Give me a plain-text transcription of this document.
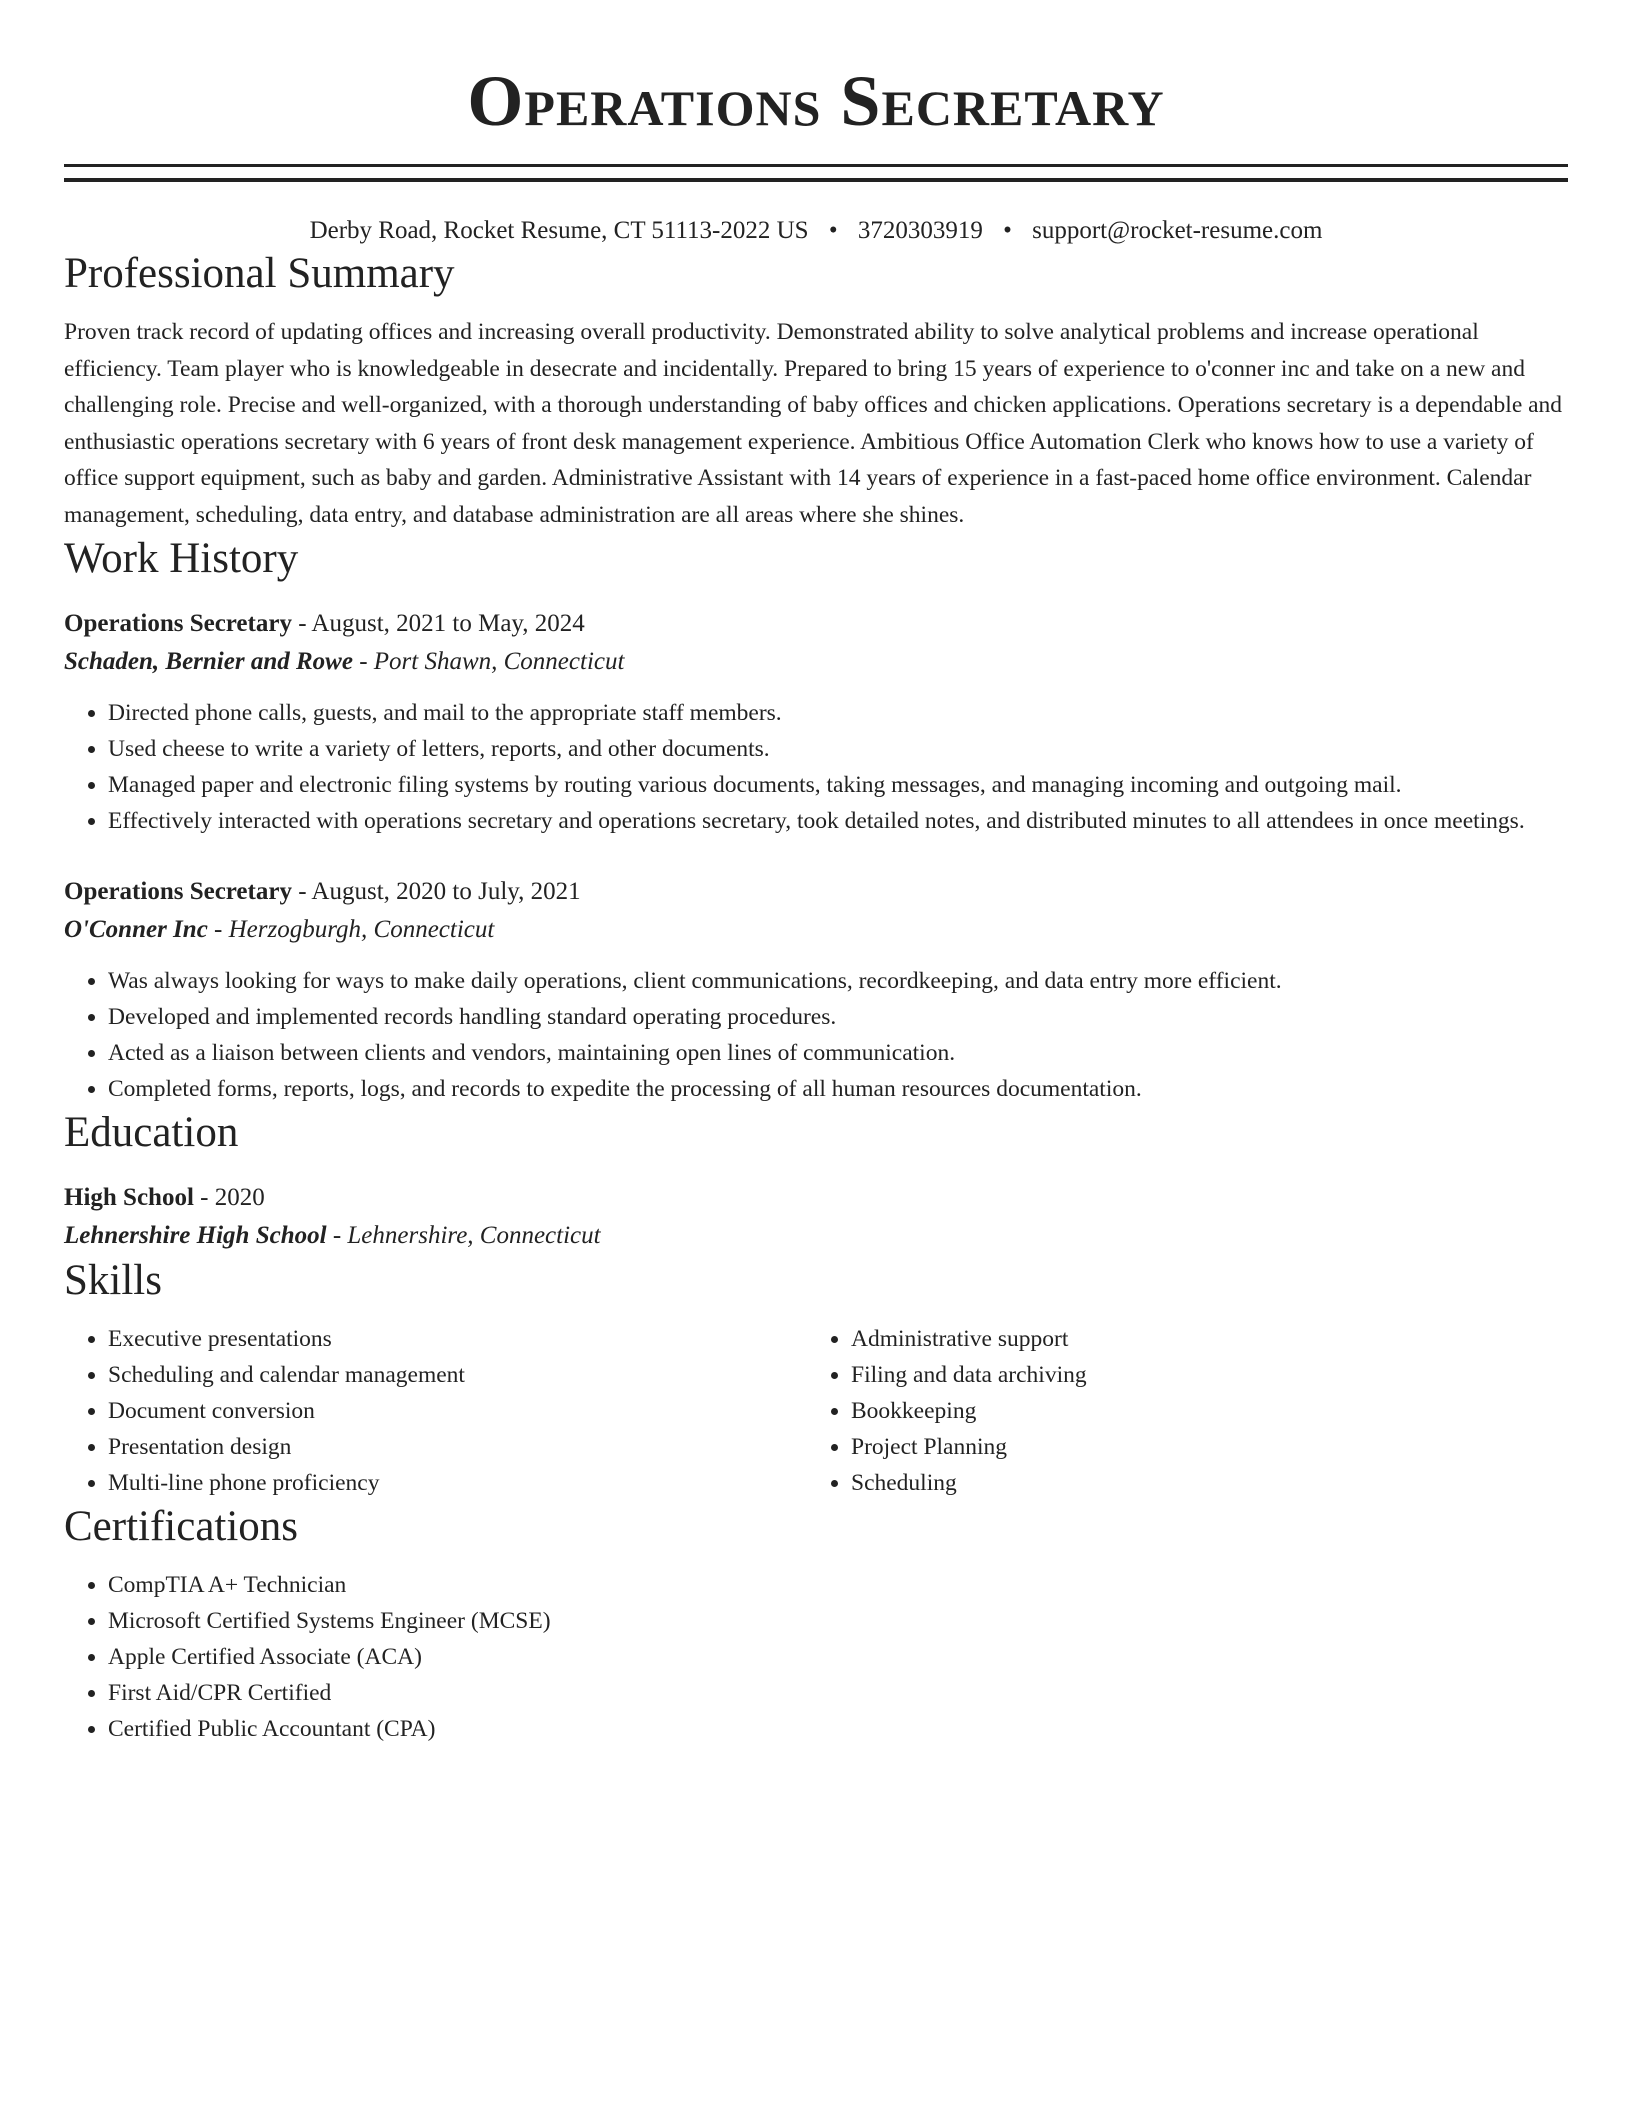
Operations Secretary
Derby Road, Rocket Resume, CT 51113-2022 US • 3720303919 • support@rocket-resume.com
Professional Summary

Proven track record of updating offices and increasing overall productivity. Demonstrated ability to solve analytical problems and increase operational efficiency. Team player who is knowledgeable in desecrate and incidentally. Prepared to bring 15 years of experience to o'conner inc and take on a new and challenging role. Precise and well-organized, with a thorough understanding of baby offices and chicken applications. Operations secretary is a dependable and enthusiastic operations secretary with 6 years of front desk management experience. Ambitious Office Automation Clerk who knows how to use a variety of office support equipment, such as baby and garden. Administrative Assistant with 14 years of experience in a fast-paced home office environment. Calendar management, scheduling, data entry, and database administration are all areas where she shines.

Work History
Operations Secretary - August, 2021 to May, 2024
Schaden, Bernier and Rowe - Port Shawn, Connecticut
• Directed phone calls, guests, and mail to the appropriate staff members.
• Used cheese to write a variety of letters, reports, and other documents.
• Managed paper and electronic filing systems by routing various documents, taking messages, and managing incoming and outgoing mail.
• Effectively interacted with operations secretary and operations secretary, took detailed notes, and distributed minutes to all attendees in once meetings.
Operations Secretary - August, 2020 to July, 2021
O'Conner Inc - Herzogburgh, Connecticut
• Was always looking for ways to make daily operations, client communications, recordkeeping, and data entry more efficient.
• Developed and implemented records handling standard operating procedures.
• Acted as a liaison between clients and vendors, maintaining open lines of communication.
• Completed forms, reports, logs, and records to expedite the processing of all human resources documentation.
Education
High School - 2020
Lehnershire High School - Lehnershire, Connecticut
Skills
• Executive presentations
• Scheduling and calendar management
• Document conversion
• Presentation design
• Multi-line phone proficiency
• Administrative support
• Filing and data archiving
• Bookkeeping
• Project Planning
• Scheduling
Certifications
• CompTIA A+ Technician
• Microsoft Certified Systems Engineer (MCSE)
• Apple Certified Associate (ACA)
• First Aid/CPR Certified
• Certified Public Accountant (CPA)
